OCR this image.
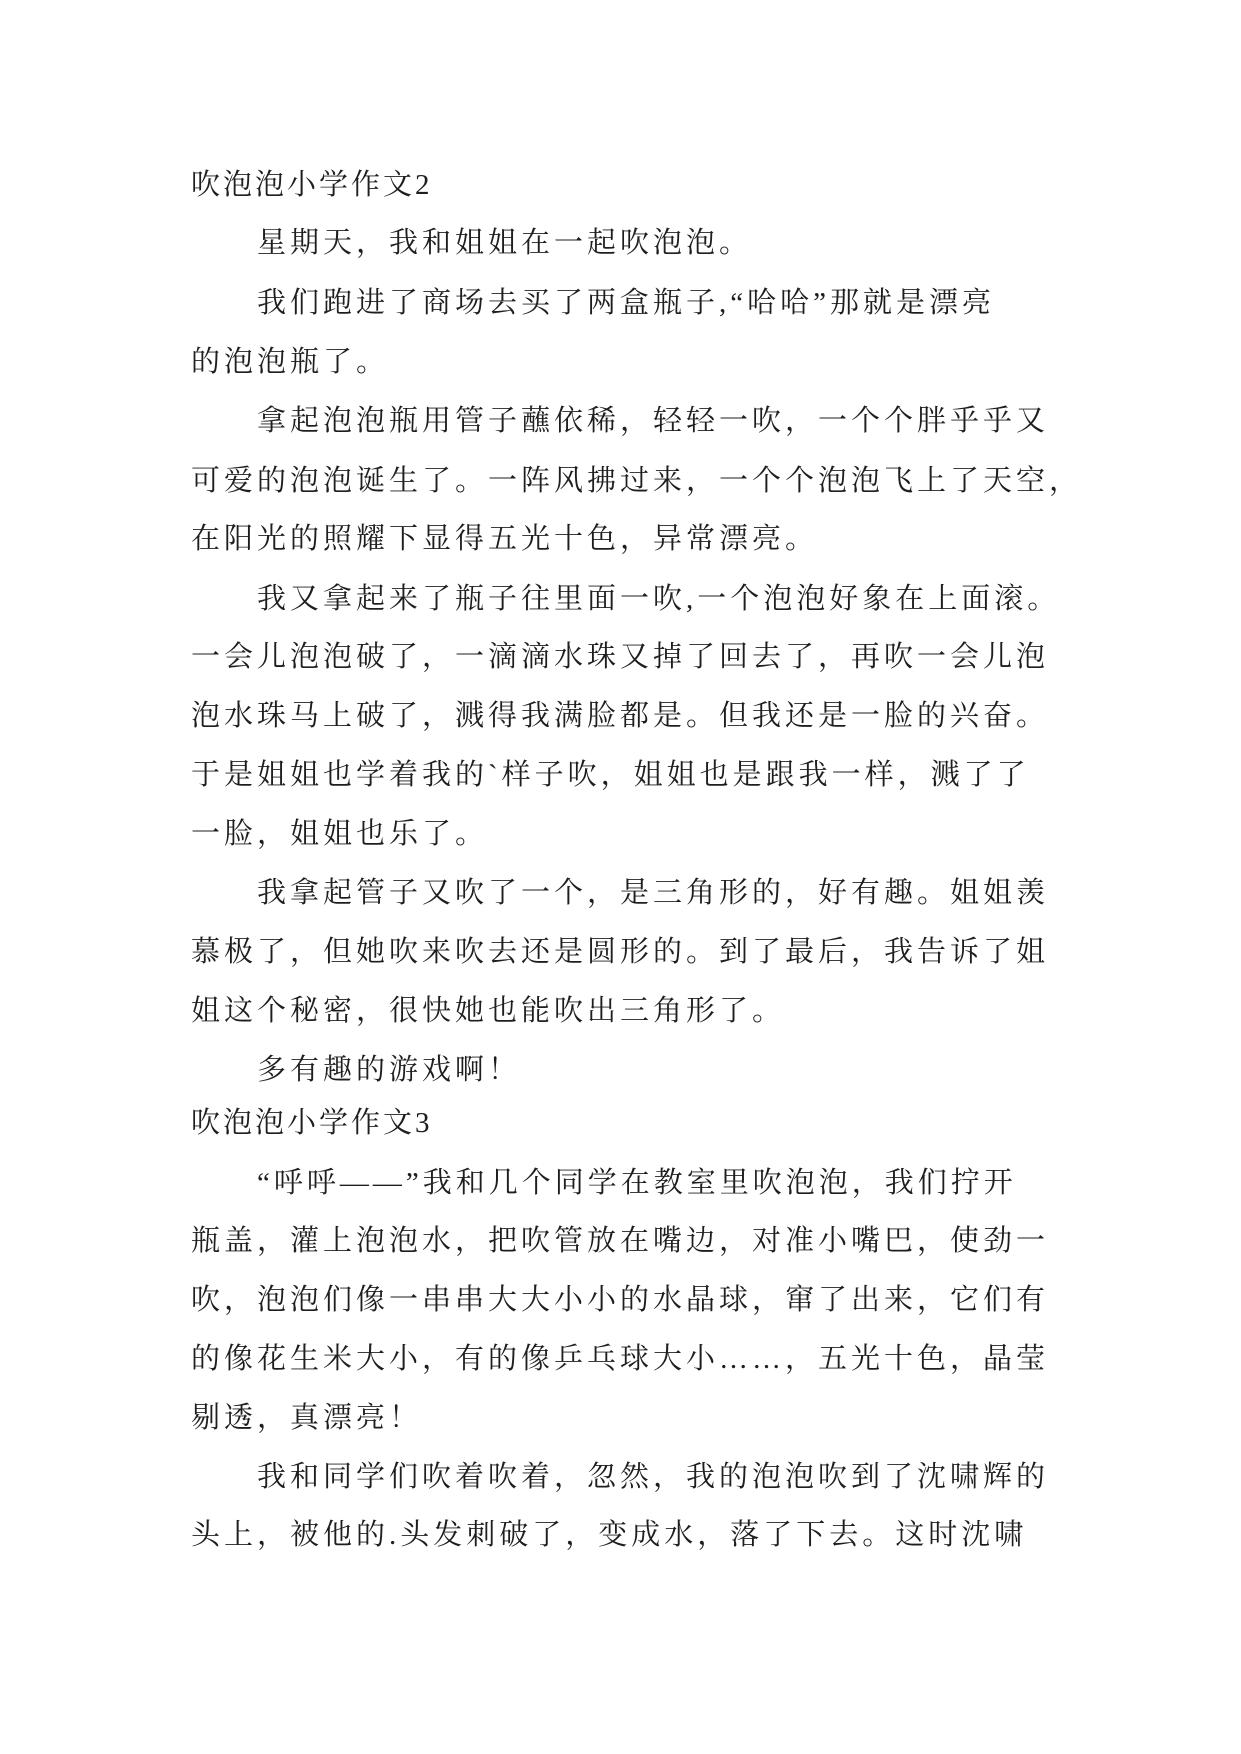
吹泡泡小学作文2
星期天，我和姐姐在一起吹泡泡。
我们跑进了商场去买了两盒瓶子,“哈哈”那就是漂亮
的泡泡瓶了。
拿起泡泡瓶用管子蘸依稀，轻轻一吹，一个个胖乎乎又
可爱的泡泡诞生了。一阵风拂过来，一个个泡泡飞上了天空，
在阳光的照耀下显得五光十色，异常漂亮。
我又拿起来了瓶子往里面一吹,一个泡泡好象在上面滚。
一会儿泡泡破了，一滴滴水珠又掉了回去了，再吹一会儿泡
泡水珠马上破了，溅得我满脸都是。但我还是一脸的兴奋。
于是姐姐也学着我的`样子吹，姐姐也是跟我一样，溅了了
一脸，姐姐也乐了。
我拿起管子又吹了一个，是三角形的，好有趣。姐姐羡
慕极了，但她吹来吹去还是圆形的。到了最后，我告诉了姐
姐这个秘密，很快她也能吹出三角形了。
多有趣的游戏啊！
吹泡泡小学作文3
“呼呼——”我和几个同学在教室里吹泡泡，我们拧开
瓶盖，灌上泡泡水，把吹管放在嘴边，对准小嘴巴，使劲一
吹，泡泡们像一串串大大小小的水晶球，窜了出来，它们有
的像花生米大小，有的像乒乓球大小……，五光十色，晶莹
剔透，真漂亮！
我和同学们吹着吹着，忽然，我的泡泡吹到了沈啸辉的
头上，被他的.头发刺破了，变成水，落了下去。这时沈啸
